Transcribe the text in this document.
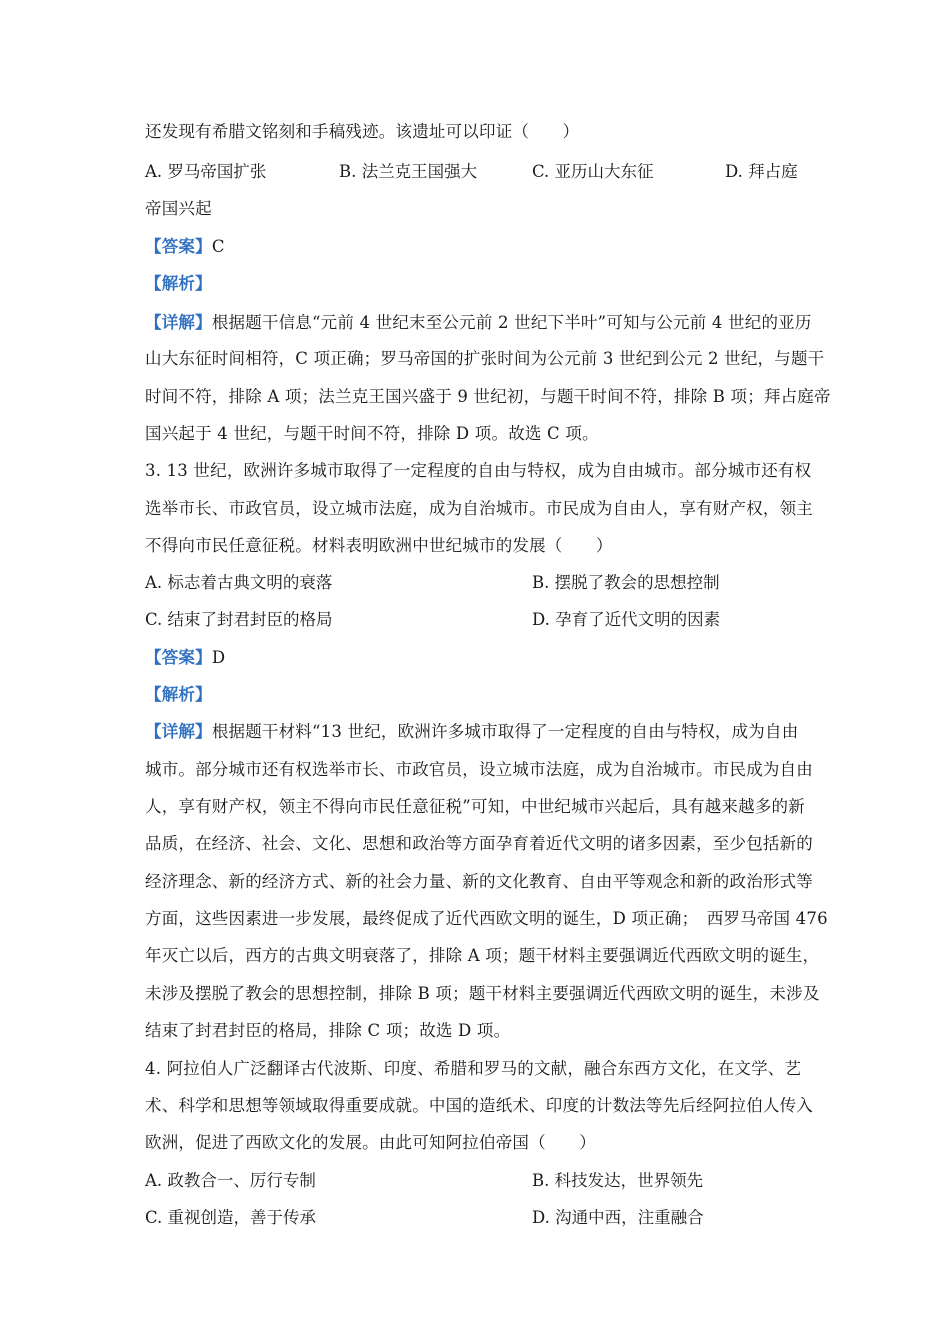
还发现有希腊文铭刻和手稿残迹。该遗址可以印证（　　）
A. 罗马帝国扩张	B. 法兰克王国强大	C. 亚历山大东征	D. 拜占庭
帝国兴起
【答案】C
【解析】
【详解】根据题干信息“元前 4 世纪末至公元前 2 世纪下半叶”可知与公元前 4 世纪的亚历
山大东征时间相符，C 项正确；罗马帝国的扩张时间为公元前 3 世纪到公元 2 世纪，与题干
时间不符，排除 A 项；法兰克王国兴盛于 9 世纪初，与题干时间不符，排除 B 项；拜占庭帝
国兴起于 4 世纪，与题干时间不符，排除 D 项。故选 C 项。
3. 13 世纪，欧洲许多城市取得了一定程度的自由与特权，成为自由城市。部分城市还有权
选举市长、市政官员，设立城市法庭，成为自治城市。市民成为自由人，享有财产权，领主
不得向市民任意征税。材料表明欧洲中世纪城市的发展（　　）
A. 标志着古典文明的衰落	B. 摆脱了教会的思想控制
C. 结束了封君封臣的格局	D. 孕育了近代文明的因素
【答案】D
【解析】
【详解】根据题干材料“13 世纪，欧洲许多城市取得了一定程度的自由与特权，成为自由
城市。部分城市还有权选举市长、市政官员，设立城市法庭，成为自治城市。市民成为自由
人，享有财产权，领主不得向市民任意征税”可知，中世纪城市兴起后，具有越来越多的新
品质，在经济、社会、文化、思想和政治等方面孕育着近代文明的诸多因素，至少包括新的
经济理念、新的经济方式、新的社会力量、新的文化教育、自由平等观念和新的政治形式等
方面，这些因素进一步发展，最终促成了近代西欧文明的诞生，D 项正确；　西罗马帝国 476
年灭亡以后，西方的古典文明衰落了，排除 A 项；题干材料主要强调近代西欧文明的诞生，
未涉及摆脱了教会的思想控制，排除 B 项；题干材料主要强调近代西欧文明的诞生，未涉及
结束了封君封臣的格局，排除 C 项；故选 D 项。
4. 阿拉伯人广泛翻译古代波斯、印度、希腊和罗马的文献，融合东西方文化，在文学、艺
术、科学和思想等领域取得重要成就。中国的造纸术、印度的计数法等先后经阿拉伯人传入
欧洲，促进了西欧文化的发展。由此可知阿拉伯帝国（　　）
A. 政教合一、厉行专制	B. 科技发达，世界领先
C. 重视创造，善于传承	D. 沟通中西，注重融合
